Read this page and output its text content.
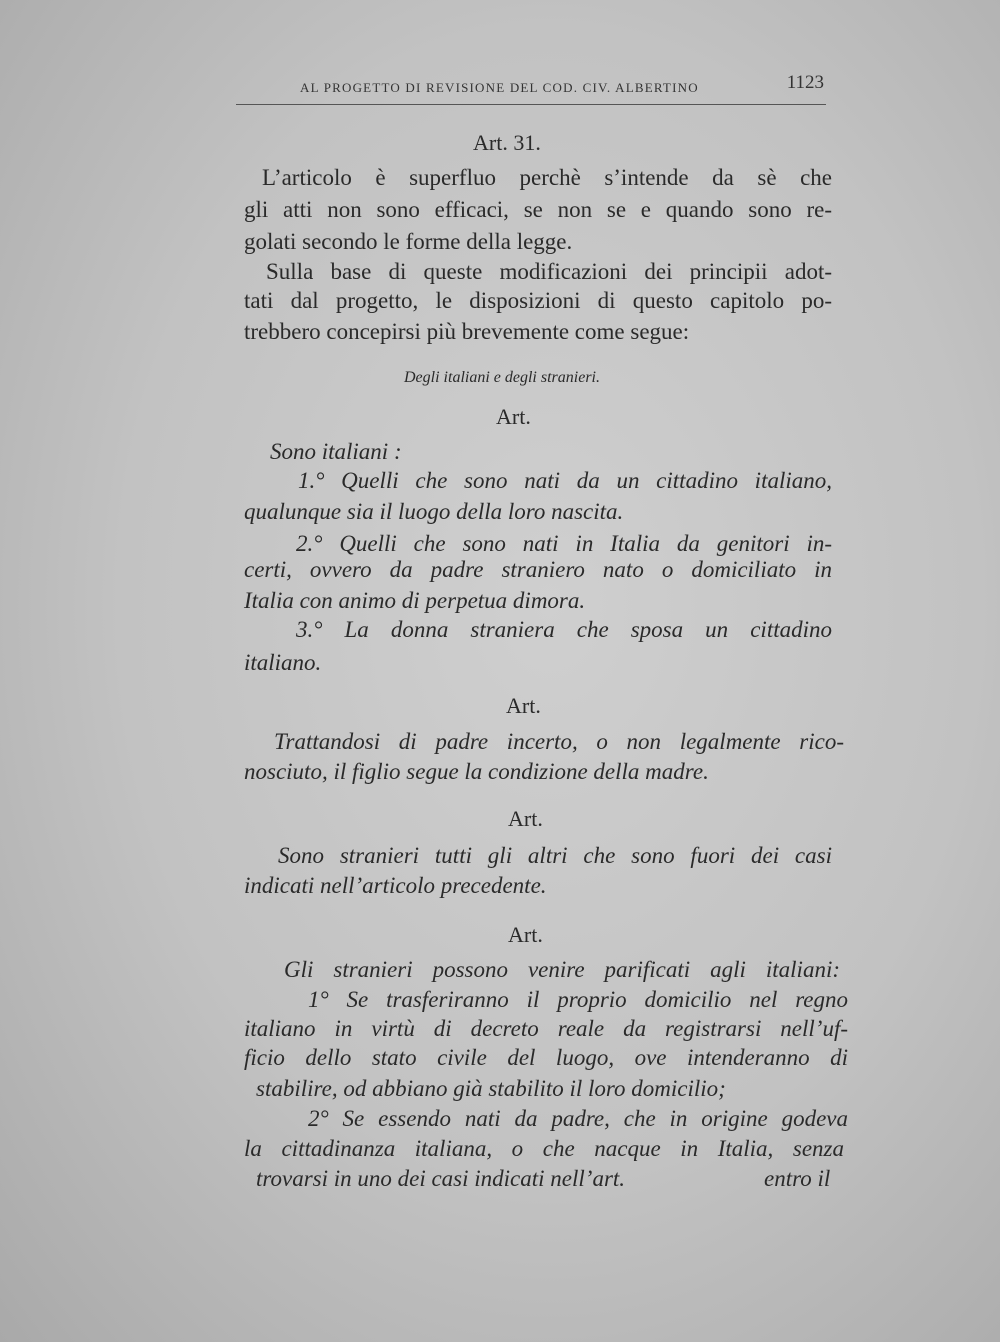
AL PROGETTO DI REVISIONE DEL COD. CIV. ALBERTINO	1123
Art. 31.
L’articolo è superfluo perchè s’intende da sè che
gli atti non sono efficaci, se non se e quando sono re-
golati secondo le forme della legge.
Sulla base di queste modificazioni dei principii adot-
tati dal progetto, le disposizioni di questo capitolo po-
trebbero concepirsi più brevemente come segue:
Degli italiani e degli stranieri.
Art.
Sono italiani :
1.° Quelli che sono nati da un cittadino italiano,
qualunque sia il luogo della loro nascita.
2.° Quelli che sono nati in Italia da genitori in-
certi, ovvero da padre straniero nato o domiciliato in
Italia con animo di perpetua dimora.
3.° La donna straniera che sposa un cittadino
italiano.
Art.
Trattandosi di padre incerto, o non legalmente rico-
nosciuto, il figlio segue la condizione della madre.
Art.
Sono stranieri tutti gli altri che sono fuori dei casi
indicati nell’articolo precedente.
Art.
Gli stranieri possono venire parificati agli italiani:
1° Se trasferiranno il proprio domicilio nel regno
italiano in virtù di decreto reale da registrarsi nell’uf-
ficio dello stato civile del luogo, ove intenderanno di
stabilire, od abbiano già stabilito il loro domicilio;
2° Se essendo nati da padre, che in origine godeva
la cittadinanza italiana, o che nacque in Italia, senza
trovarsi in uno dei casi indicati nell’art.	entro il
